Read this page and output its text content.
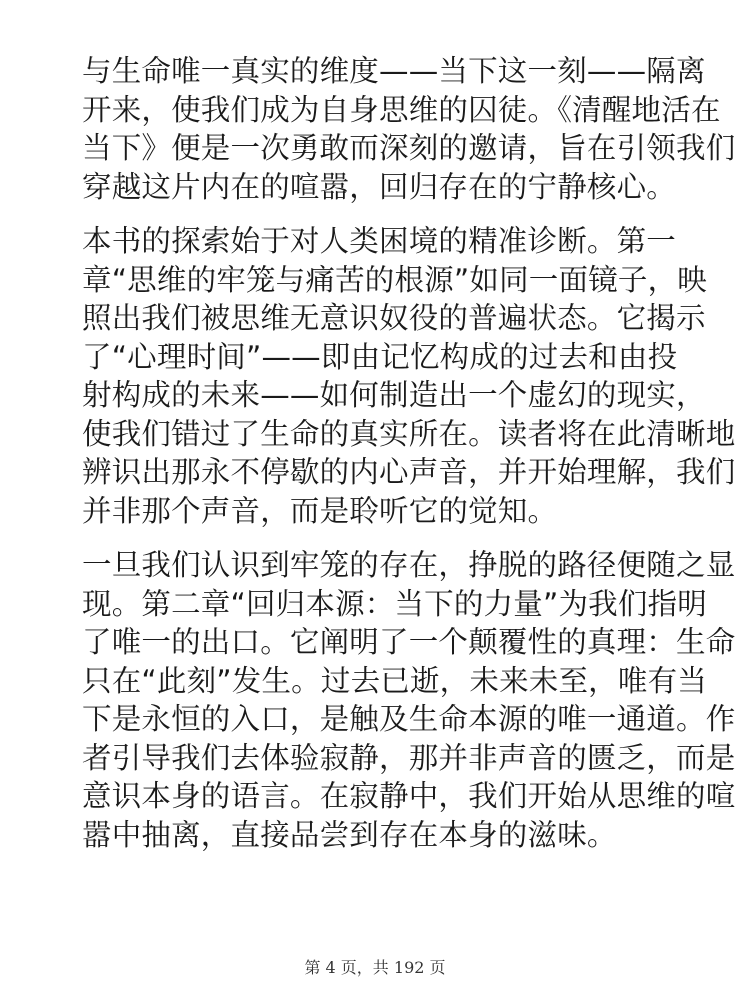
与生命唯一真实的维度——当下这一刻——隔离
开来，使我们成为自身思维的囚徒。《清醒地活在
当下》便是一次勇敢而深刻的邀请，旨在引领我们
穿越这片内在的喧嚣，回归存在的宁静核心。
本书的探索始于对人类困境的精准诊断。第一
章“思维的牢笼与痛苦的根源”如同一面镜子，映
照出我们被思维无意识奴役的普遍状态。它揭示
了“心理时间”——即由记忆构成的过去和由投
射构成的未来——如何制造出一个虚幻的现实，
使我们错过了生命的真实所在。读者将在此清晰地
辨识出那永不停歇的内心声音，并开始理解，我们
并非那个声音，而是聆听它的觉知。
一旦我们认识到牢笼的存在，挣脱的路径便随之显
现。第二章“回归本源：当下的力量”为我们指明
了唯一的出口。它阐明了一个颠覆性的真理：生命
只在“此刻”发生。过去已逝，未来未至，唯有当
下是永恒的入口，是触及生命本源的唯一通道。作
者引导我们去体验寂静，那并非声音的匮乏，而是
意识本身的语言。在寂静中，我们开始从思维的喧
嚣中抽离，直接品尝到存在本身的滋味。
第 4 页，共 192 页
